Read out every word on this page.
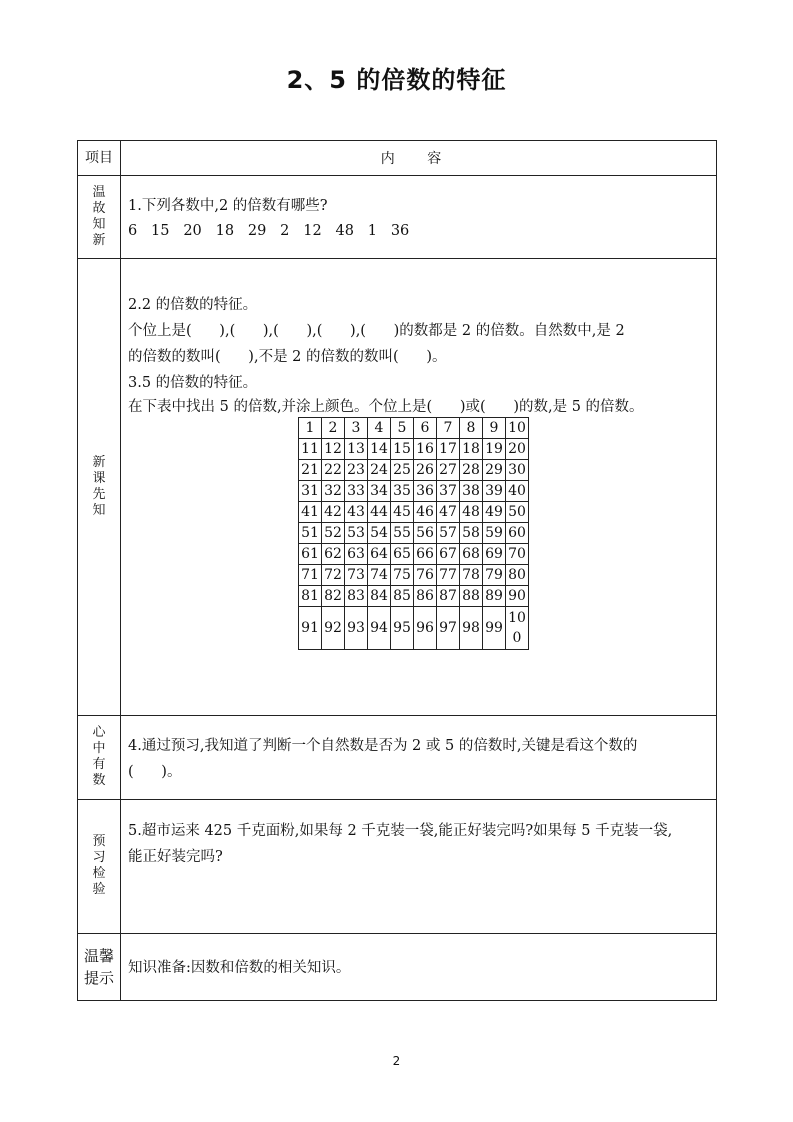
2、5 的倍数的特征
项目	内 容
温故知新
1.下列各数中,2 的倍数有哪些?
6   15   20   18   29   2   12   48   1   36
新课先知
2.2 的倍数的特征。
个位上是(      ),(      ),(      ),(      ),(      )的数都是 2 的倍数。自然数中,是 2
的倍数的数叫(      ),不是 2 的倍数的数叫(      )。
3.5 的倍数的特征。
在下表中找出 5 的倍数,并涂上颜色。个位上是(      )或(      )的数,是 5 的倍数。
1	2	3	4	5	6	7	8	9	10
11	12	13	14	15	16	17	18	19	20
21	22	23	24	25	26	27	28	29	30
31	32	33	34	35	36	37	38	39	40
41	42	43	44	45	46	47	48	49	50
51	52	53	54	55	56	57	58	59	60
61	62	63	64	65	66	67	68	69	70
71	72	73	74	75	76	77	78	79	80
81	82	83	84	85	86	87	88	89	90
91	92	93	94	95	96	97	98	99	100
心中有数
4.通过预习,我知道了判断一个自然数是否为 2 或 5 的倍数时,关键是看这个数的
(      )。
预习检验
5.超市运来 425 千克面粉,如果每 2 千克装一袋,能正好装完吗?如果每 5 千克装一袋,
能正好装完吗?
温馨提示
知识准备:因数和倍数的相关知识。
2
